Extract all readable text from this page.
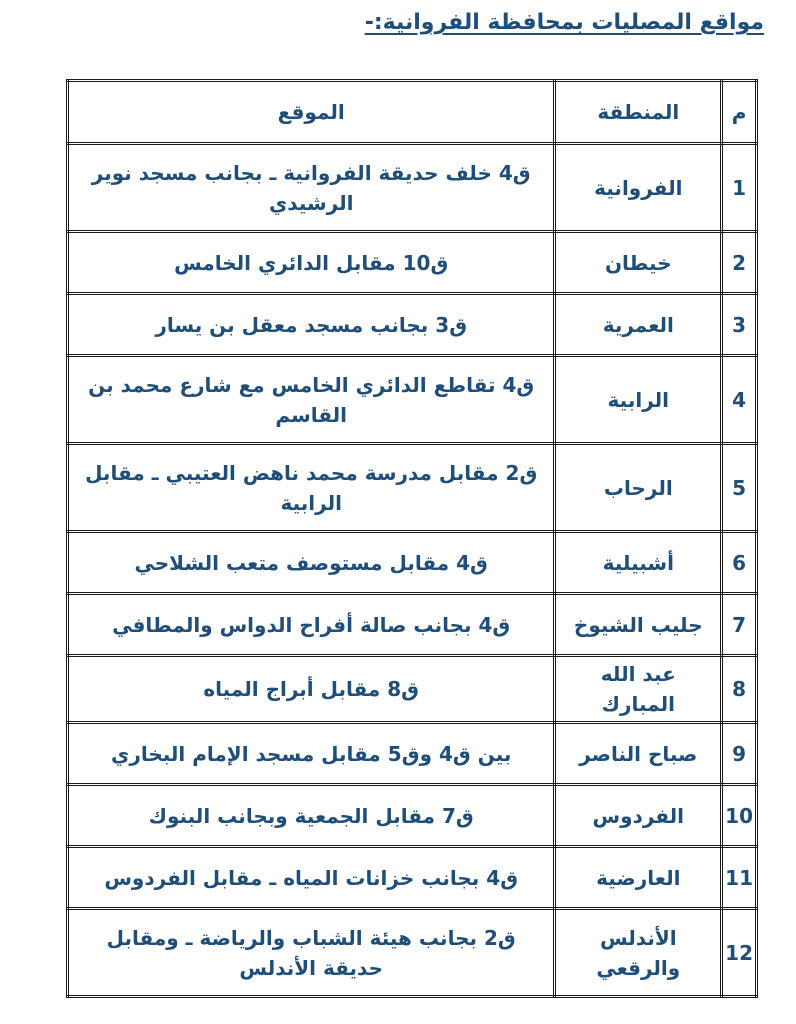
مواقع المصليات بمحافظة الفروانية:-
م	المنطقة	الموقع
1	الفروانية	ق4 خلف حديقة الفروانية ـ بجانب مسجد نوير الرشيدي
2	خيطان	ق10 مقابل الدائري الخامس
3	العمرية	ق3 بجانب مسجد معقل بن يسار
4	الرابية	ق4 تقاطع الدائري الخامس مع شارع محمد بن القاسم
5	الرحاب	ق2 مقابل مدرسة محمد ناهض العتيبي ـ مقابل الرابية
6	أشبيلية	ق4 مقابل مستوصف متعب الشلاحي
7	جليب الشيوخ	ق4 بجانب صالة أفراح الدواس والمطافي
8	عبد الله المبارك	ق8 مقابل أبراج المياه
9	صباح الناصر	بين ق4 وق5 مقابل مسجد الإمام البخاري
10	الفردوس	ق7 مقابل الجمعية وبجانب البنوك
11	العارضية	ق4 بجانب خزانات المياه ـ مقابل الفردوس
12	الأندلس والرقعي	ق2 بجانب هيئة الشباب والرياضة ـ ومقابل حديقة الأندلس
